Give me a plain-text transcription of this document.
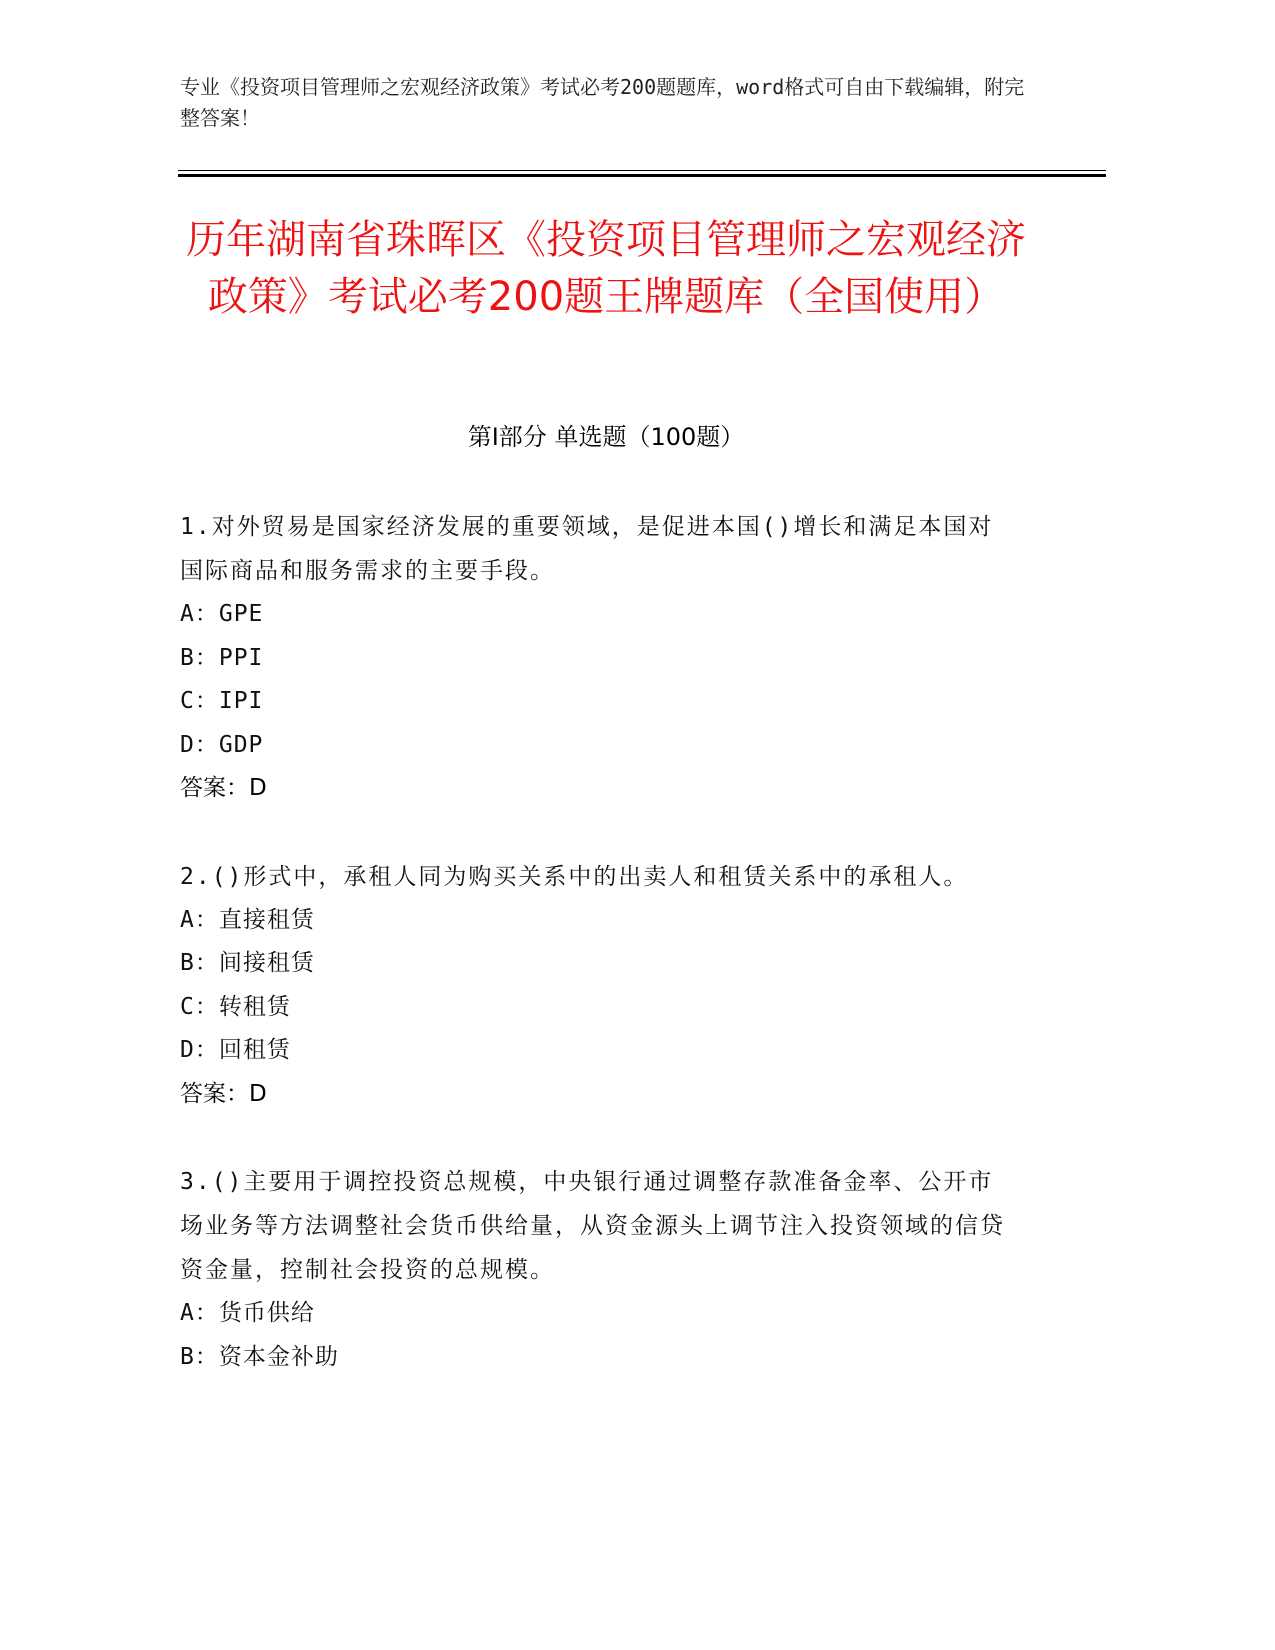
专业《投资项目管理师之宏观经济政策》考试必考200题题库，word格式可自由下载编辑，附完整答案！

历年湖南省珠晖区《投资项目管理师之宏观经济政策》考试必考200题王牌题库（全国使用）
第Ⅰ部分 单选题（100题）

1.对外贸易是国家经济发展的重要领域，是促进本国()增长和满足本国对国际商品和服务需求的主要手段。

A：GPE

B：PPI

C：IPI

D：GDP

答案：D

2.()形式中，承租人同为购买关系中的出卖人和租赁关系中的承租人。

A：直接租赁

B：间接租赁

C：转租赁

D：回租赁

答案：D

3.()主要用于调控投资总规模，中央银行通过调整存款准备金率、公开市场业务等方法调整社会货币供给量，从资金源头上调节注入投资领域的信贷资金量，控制社会投资的总规模。

A：货币供给

B：资本金补助
